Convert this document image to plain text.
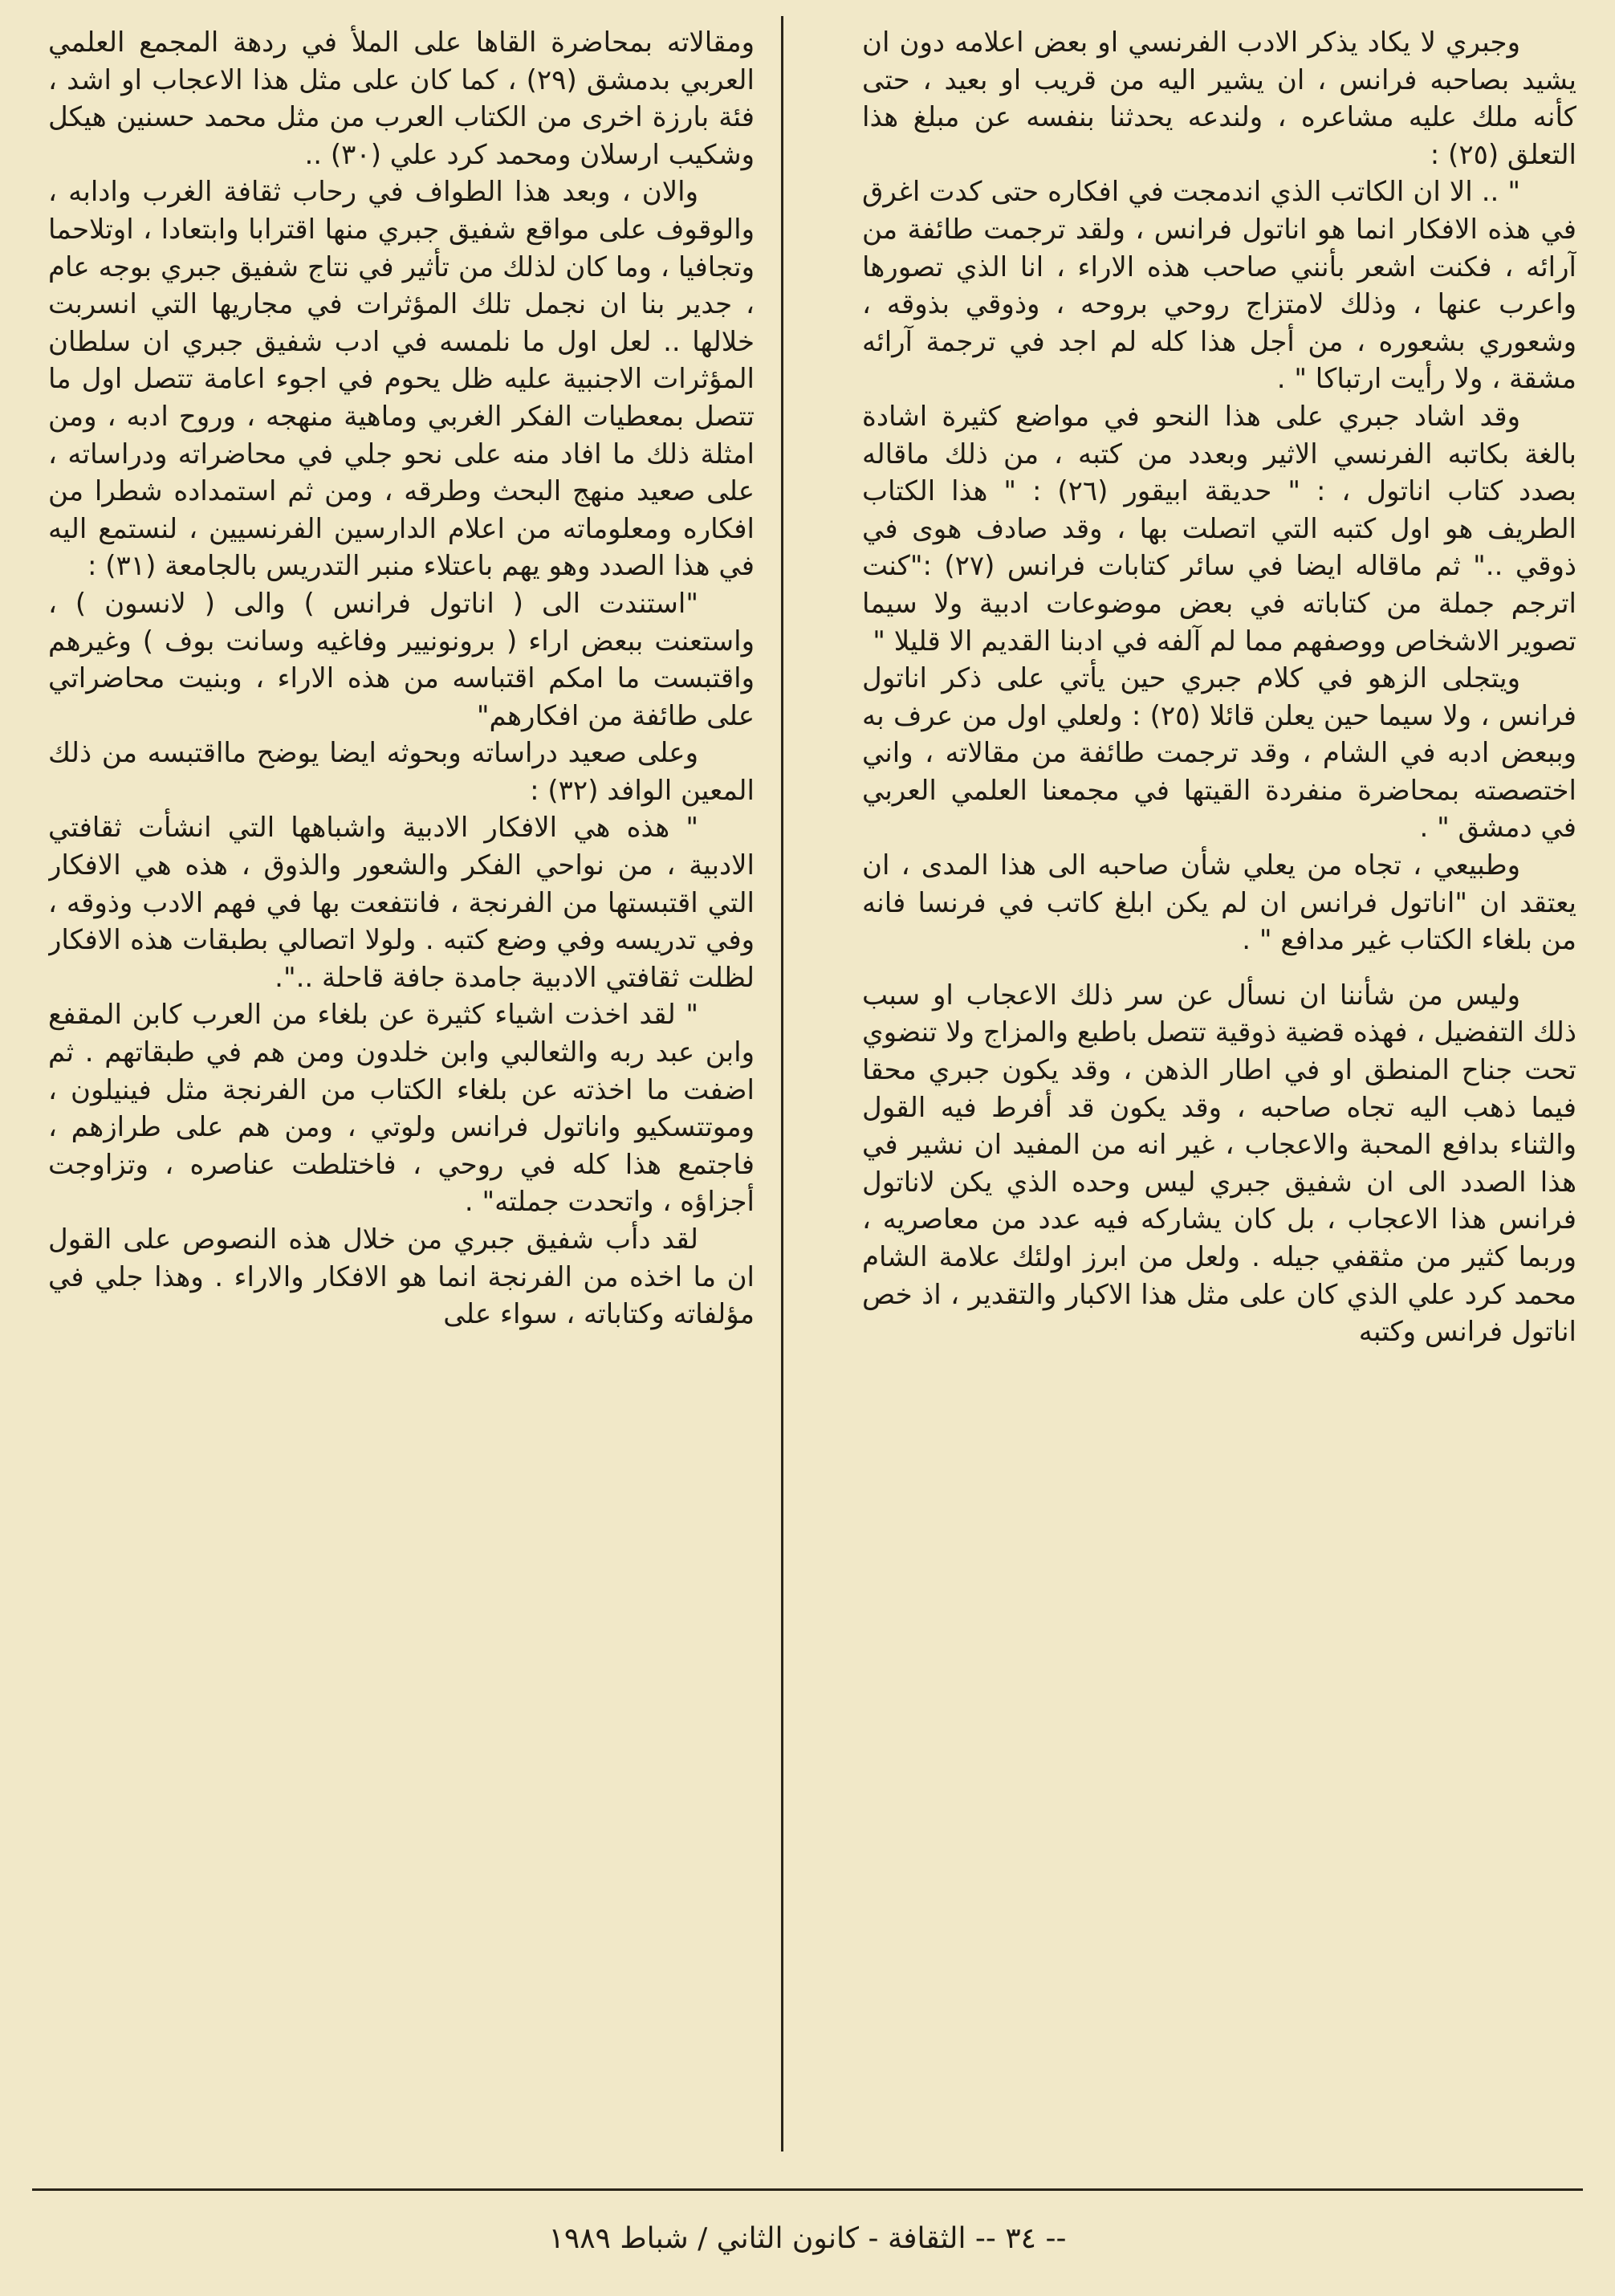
وجبري لا يكاد يذكر الادب الفرنسي او بعض اعلامه دون ان يشيد بصاحبه فرانس ، ان يشير اليه من قريب او بعيد ، حتى كأنه ملك عليه مشاعره ، ولندعه يحدثنا بنفسه عن مبلغ هذا التعلق (٢٥) :

" .. الا ان الكاتب الذي اندمجت في افكاره حتى كدت اغرق في هذه الافكار انما هو اناتول فرانس ، ولقد ترجمت طائفة من آرائه ، فكنت اشعر بأنني صاحب هذه الاراء ، انا الذي تصورها واعرب عنها ، وذلك لامتزاج روحي بروحه ، وذوقي بذوقه ، وشعوري بشعوره ، من أجل هذا كله لم اجد في ترجمة آرائه مشقة ، ولا رأيت ارتباكا " .

وقد اشاد جبري على هذا النحو في مواضع كثيرة اشادة بالغة بكاتبه الفرنسي الاثير وبعدد من كتبه ، من ذلك ماقاله بصدد كتاب اناتول ، : " حديقة ابيقور (٢٦) : " هذا الكتاب الطريف هو اول كتبه التي اتصلت بها ، وقد صادف هوى في ذوقي .." ثم ماقاله ايضا في سائر كتابات فرانس (٢٧) :"كنت اترجم جملة من كتاباته في بعض موضوعات ادبية ولا سيما تصوير الاشخاص ووصفهم مما لم آلفه في ادبنا القديم الا قليلا "

ويتجلى الزهو في كلام جبري حين يأتي على ذكر اناتول فرانس ، ولا سيما حين يعلن قائلا (٢٥) : ولعلي اول من عرف به وببعض ادبه في الشام ، وقد ترجمت طائفة من مقالاته ، واني اختصصته بمحاضرة منفردة القيتها في مجمعنا العلمي العربي في دمشق " .

وطبيعي ، تجاه من يعلي شأن صاحبه الى هذا المدى ، ان يعتقد ان "اناتول فرانس ان لم يكن ابلغ كاتب في فرنسا فانه من بلغاء الكتاب غير مدافع " .

وليس من شأننا ان نسأل عن سر ذلك الاعجاب او سبب ذلك التفضيل ، فهذه قضية ذوقية تتصل باطبع والمزاج ولا تنضوي تحت جناح المنطق او في اطار الذهن ، وقد يكون جبري محقا فيما ذهب اليه تجاه صاحبه ، وقد يكون قد أفرط فيه القول والثناء بدافع المحبة والاعجاب ، غير انه من المفيد ان نشير في هذا الصدد الى ان شفيق جبري ليس وحده الذي يكن لاناتول فرانس هذا الاعجاب ، بل كان يشاركه فيه عدد من معاصريه ، وربما كثير من مثقفي جيله . ولعل من ابرز اولئك علامة الشام محمد كرد علي الذي كان على مثل هذا الاكبار والتقدير ، اذ خص اناتول فرانس وكتبه

ومقالاته بمحاضرة القاها على الملأ في ردهة المجمع العلمي العربي بدمشق (٢٩) ، كما كان على مثل هذا الاعجاب او اشد ، فئة بارزة اخرى من الكتاب العرب من مثل محمد حسنين هيكل وشكيب ارسلان ومحمد كرد علي (٣٠) ..

والان ، وبعد هذا الطواف في رحاب ثقافة الغرب وادابه ، والوقوف على مواقع شفيق جبري منها اقترابا وابتعادا ، اوتلاحما وتجافيا ، وما كان لذلك من تأثير في نتاج شفيق جبري بوجه عام ، جدير بنا ان نجمل تلك المؤثرات في مجاريها التي انسربت خلالها .. لعل اول ما نلمسه في ادب شفيق جبري ان سلطان المؤثرات الاجنبية عليه ظل يحوم في اجوء اعامة تتصل اول ما تتصل بمعطيات الفكر الغربي وماهية منهجه ، وروح ادبه ، ومن امثلة ذلك ما افاد منه على نحو جلي في محاضراته ودراساته ، على صعيد منهج البحث وطرقه ، ومن ثم استمداده شطرا من افكاره ومعلوماته من اعلام الدارسين الفرنسيين ، لنستمع اليه في هذا الصدد وهو يهم باعتلاء منبر التدريس بالجامعة (٣١) :

"استندت الى ( اناتول فرانس ) والى ( لانسون ) ، واستعنت ببعض اراء ( برونونيير وفاغيه وسانت بوف ) وغيرهم واقتبست ما امكم اقتباسه من هذه الاراء ، وبنيت محاضراتي على طائفة من افكارهم"

وعلى صعيد دراساته وبحوثه ايضا يوضح مااقتبسه من ذلك المعين الوافد (٣٢) :

" هذه هي الافكار الادبية واشباهها التي انشأت ثقافتي الادبية ، من نواحي الفكر والشعور والذوق ، هذه هي الافكار التي اقتبستها من الفرنجة ، فانتفعت بها في فهم الادب وذوقه ، وفي تدريسه وفي وضع كتبه . ولولا اتصالي بطبقات هذه الافكار لظلت ثقافتي الادبية جامدة جافة قاحلة ..".

" لقد اخذت اشياء كثيرة عن بلغاء من العرب كابن المقفع وابن عبد ربه والثعالبي وابن خلدون ومن هم في طبقاتهم . ثم اضفت ما اخذته عن بلغاء الكتاب من الفرنجة مثل فينيلون ، وموتتسكيو واناتول فرانس ولوتي ، ومن هم على طرازهم ، فاجتمع هذا كله في روحي ، فاختلطت عناصره ، وتزاوجت أجزاؤه ، واتحدت جملته" .

لقد دأب شفيق جبري من خلال هذه النصوص على القول ان ما اخذه من الفرنجة انما هو الافكار والاراء . وهذا جلي في مؤلفاته وكتاباته ، سواء على

-- ٣٤ -- الثقافة - كانون الثاني / شباط ١٩٨٩
